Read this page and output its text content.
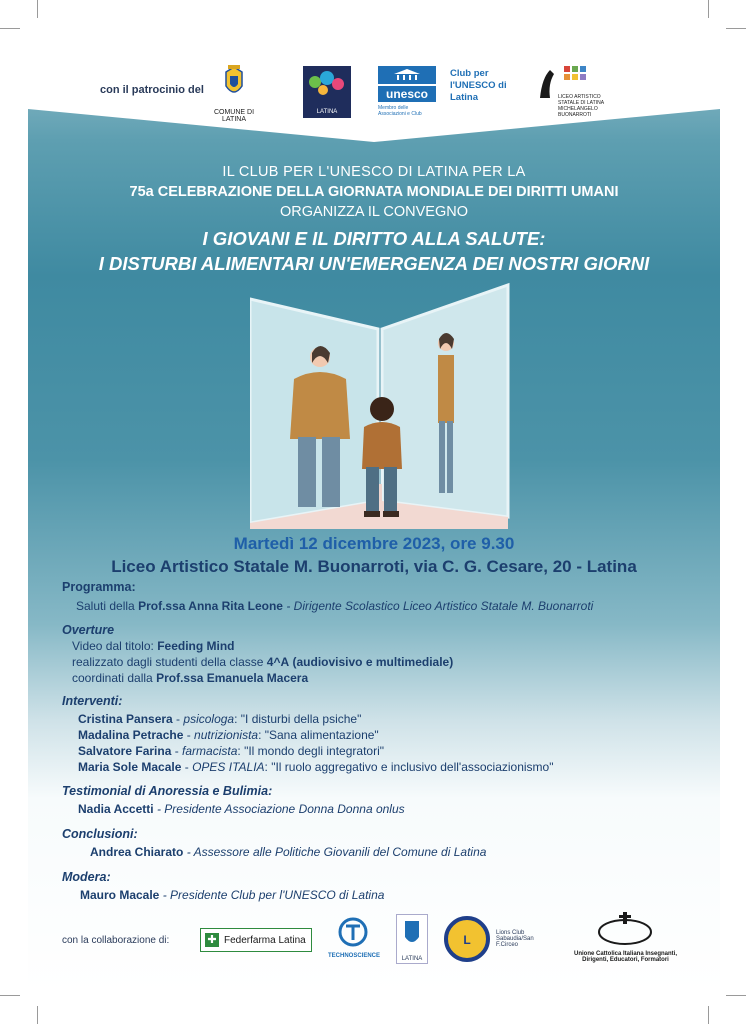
con il patrocinio del
COMUNE DI LATINA
LATINA
unesco
Membro delle Associazioni e Club
Club per l'UNESCO di Latina	LICEO ARTISTICO STATALE DI LATINA MICHELANGELO BUONARROTI
IL CLUB PER L'UNESCO DI LATINA PER LA
75a CELEBRAZIONE DELLA GIORNATA MONDIALE DEI DIRITTI UMANI
ORGANIZZA IL CONVEGNO
I GIOVANI E IL DIRITTO ALLA SALUTE:
I DISTURBI ALIMENTARI UN'EMERGENZA DEI NOSTRI GIORNI
Martedì 12 dicembre 2023, ore 9.30
Liceo Artistico Statale M. Buonarroti, via C. G. Cesare, 20 - Latina
Programma:
Saluti della Prof.ssa Anna Rita Leone - Dirigente Scolastico Liceo Artistico Statale M. Buonarroti
Overture
Video dal titolo: Feeding Mind
realizzato dagli studenti della classe 4^A (audiovisivo e multimediale)
coordinati dalla Prof.ssa Emanuela Macera
Interventi:
Cristina Pansera - psicologa: "I disturbi della psiche"
Madalina Petrache - nutrizionista: "Sana alimentazione"
Salvatore Farina - farmacista: "Il mondo degli integratori"
Maria Sole Macale - OPES ITALIA: "Il ruolo aggregativo e inclusivo dell'associazionismo"
Testimonial di Anoressia e Bulimia:
Nadia Accetti - Presidente Associazione Donna Donna onlus
Conclusioni:
Andrea Chiarato - Assessore alle Politiche Giovanili del Comune di Latina
Modera:
Mauro Macale - Presidente Club per l'UNESCO di Latina
con la collaborazione di:	✚ Federfarma Latina
TECHNOSCIENCE	LATINA
L	Lions Club Sabaudia/San F.Circeo
Unione Cattolica Italiana Insegnanti, Dirigenti, Educatori, Formatori
